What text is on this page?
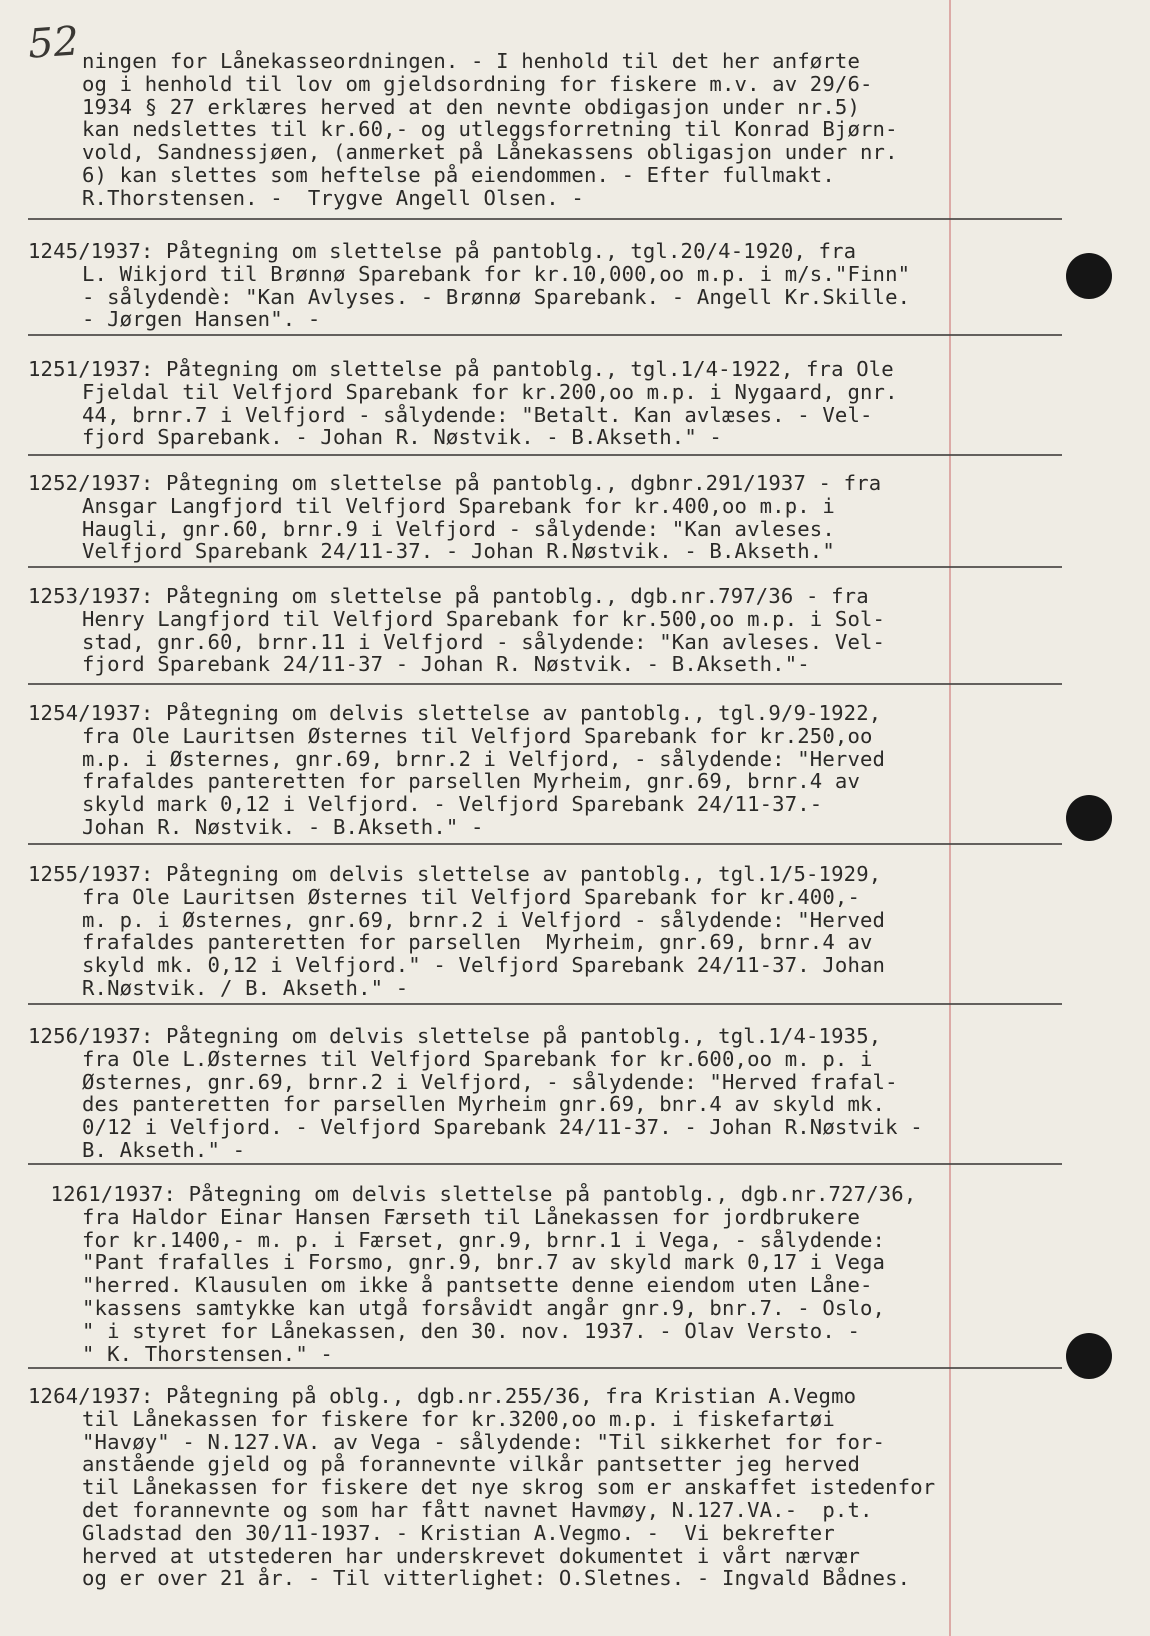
52 ningen for Lånekasseordningen. - I henhold til det her anførte
og i henhold til lov om gjeldsordning for fiskere m.v. av 29/6-
1934 § 27 erklæres herved at den nevnte obdigasjon under nr.5)
kan nedslettes til kr.60,- og utleggsforretning til Konrad Bjørn-
vold, Sandnessjøen, (anmerket på Lånekassens obligasjon under nr.
6) kan slettes som heftelse på eiendommen. - Efter fullmakt.
R.Thorstensen. -  Trygve Angell Olsen. -
1245/1937: Påtegning om slettelse på pantoblg., tgl.20/4-1920, fra
L. Wikjord til Brønnø Sparebank for kr.10,000,oo m.p. i m/s."Finn"
- sålydendè: "Kan Avlyses. - Brønnø Sparebank. - Angell Kr.Skille.
- Jørgen Hansen". -
1251/1937: Påtegning om slettelse på pantoblg., tgl.1/4-1922, fra Ole
Fjeldal til Velfjord Sparebank for kr.200,oo m.p. i Nygaard, gnr.
44, brnr.7 i Velfjord - sålydende: "Betalt. Kan avlæses. - Vel-
fjord Sparebank. - Johan R. Nøstvik. - B.Akseth." -
1252/1937: Påtegning om slettelse på pantoblg., dgbnr.291/1937 - fra
Ansgar Langfjord til Velfjord Sparebank for kr.400,oo m.p. i
Haugli, gnr.60, brnr.9 i Velfjord - sålydende: "Kan avleses.
Velfjord Sparebank 24/11-37. - Johan R.Nøstvik. - B.Akseth."
1253/1937: Påtegning om slettelse på pantoblg., dgb.nr.797/36 - fra
Henry Langfjord til Velfjord Sparebank for kr.500,oo m.p. i Sol-
stad, gnr.60, brnr.11 i Velfjord - sålydende: "Kan avleses. Vel-
fjord Sparebank 24/11-37 - Johan R. Nøstvik. - B.Akseth."-
1254/1937: Påtegning om delvis slettelse av pantoblg., tgl.9/9-1922,
fra Ole Lauritsen Østernes til Velfjord Sparebank for kr.250,oo
m.p. i Østernes, gnr.69, brnr.2 i Velfjord, - sålydende: "Herved
frafaldes panteretten for parsellen Myrheim, gnr.69, brnr.4 av
skyld mark 0,12 i Velfjord. - Velfjord Sparebank 24/11-37.-
Johan R. Nøstvik. - B.Akseth." -
1255/1937: Påtegning om delvis slettelse av pantoblg., tgl.1/5-1929,
fra Ole Lauritsen Østernes til Velfjord Sparebank for kr.400,-
m. p. i Østernes, gnr.69, brnr.2 i Velfjord - sålydende: "Herved
frafaldes panteretten for parsellen  Myrheim, gnr.69, brnr.4 av
skyld mk. 0,12 i Velfjord." - Velfjord Sparebank 24/11-37. Johan
R.Nøstvik. / B. Akseth." -
1256/1937: Påtegning om delvis slettelse på pantoblg., tgl.1/4-1935,
fra Ole L.Østernes til Velfjord Sparebank for kr.600,oo m. p. i
Østernes, gnr.69, brnr.2 i Velfjord, - sålydende: "Herved frafal-
des panteretten for parsellen Myrheim gnr.69, bnr.4 av skyld mk.
0/12 i Velfjord. - Velfjord Sparebank 24/11-37. - Johan R.Nøstvik -
B. Akseth." -
1261/1937: Påtegning om delvis slettelse på pantoblg., dgb.nr.727/36,
fra Haldor Einar Hansen Færseth til Lånekassen for jordbrukere
for kr.1400,- m. p. i Færset, gnr.9, brnr.1 i Vega, - sålydende:
"Pant frafalles i Forsmo, gnr.9, bnr.7 av skyld mark 0,17 i Vega
"herred. Klausulen om ikke å pantsette denne eiendom uten Låne-
"kassens samtykke kan utgå forsåvidt angår gnr.9, bnr.7. - Oslo,
" i styret for Lånekassen, den 30. nov. 1937. - Olav Versto. -
" K. Thorstensen." -
1264/1937: Påtegning på oblg., dgb.nr.255/36, fra Kristian A.Vegmo
til Lånekassen for fiskere for kr.3200,oo m.p. i fiskefartøi
"Havøy" - N.127.VA. av Vega - sålydende: "Til sikkerhet for for-
anstående gjeld og på forannevnte vilkår pantsetter jeg herved
til Lånekassen for fiskere det nye skrog som er anskaffet istedenfor
det forannevnte og som har fått navnet Havmøy, N.127.VA.-  p.t.
Gladstad den 30/11-1937. - Kristian A.Vegmo. -  Vi bekrefter
herved at utstederen har underskrevet dokumentet i vårt nærvær
og er over 21 år. - Til vitterlighet: O.Sletnes. - Ingvald Bådnes.
